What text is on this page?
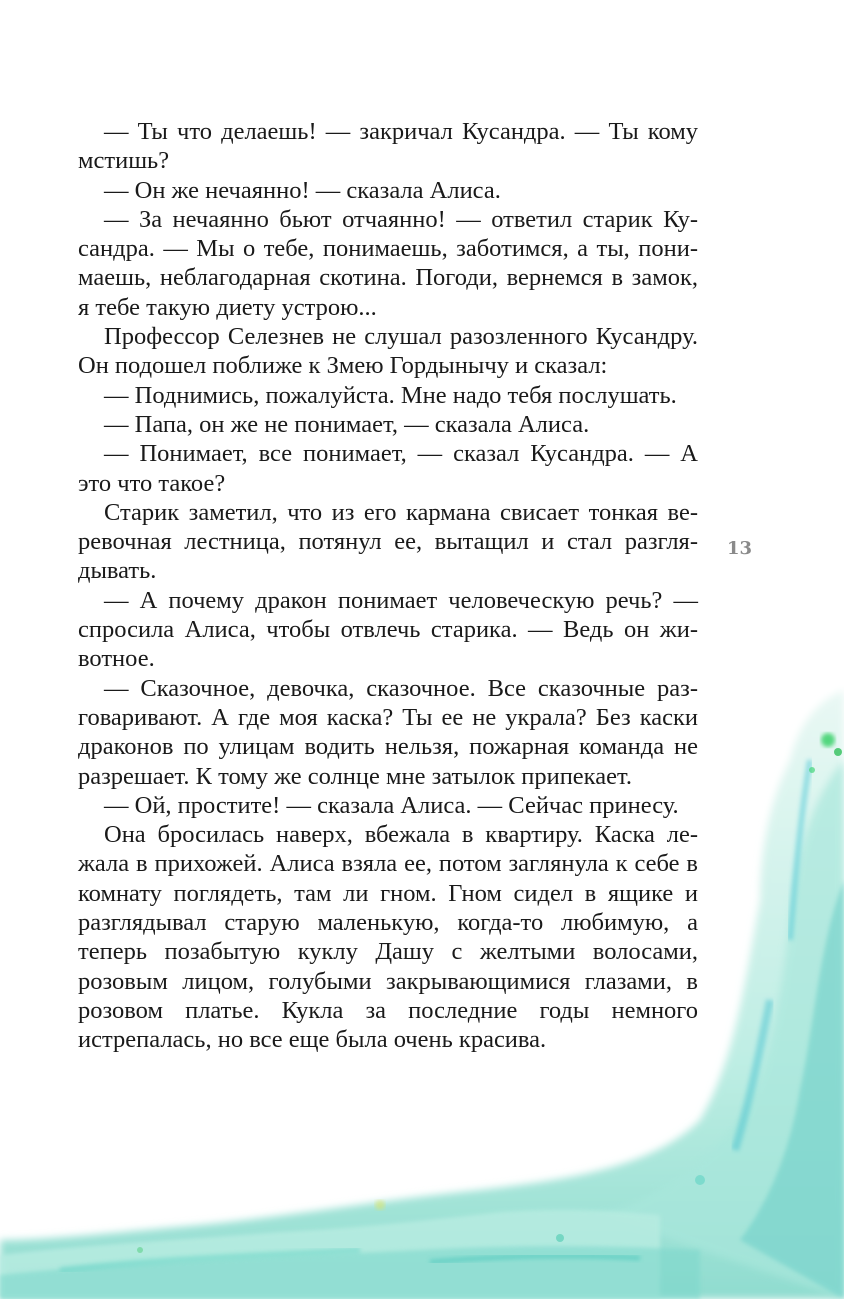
— Ты что делаешь! — закричал Кусандра. — Ты кому мстишь?

— Он же нечаянно! — сказала Алиса.

— За нечаянно бьют отчаянно! — ответил старик Кусандра. — Мы о тебе, понимаешь, заботимся, а ты, понимаешь, неблагодарная скотина. Погоди, вернемся в замок, я тебе такую диету устрою...

Профессор Селезнев не слушал разозленного Кусандру. Он подошел поближе к Змею Гордынычу и сказал:

— Поднимись, пожалуйста. Мне надо тебя послушать.

— Папа, он же не понимает, — сказала Алиса.

— Понимает, все понимает, — сказал Кусандра. — А это что такое?

Старик заметил, что из его кармана свисает тонкая веревочная лестница, потянул ее, вытащил и стал разглядывать.

— А почему дракон понимает человеческую речь? — спросила Алиса, чтобы отвлечь старика. — Ведь он животное.

— Сказочное, девочка, сказочное. Все сказочные разговаривают. А где моя каска? Ты ее не украла? Без каски драконов по улицам водить нельзя, пожарная команда не разрешает. К тому же солнце мне затылок припекает.

— Ой, простите! — сказала Алиса. — Сейчас принесу.

Она бросилась наверх, вбежала в квартиру. Каска лежала в прихожей. Алиса взяла ее, потом заглянула к себе в комнату поглядеть, там ли гном. Гном сидел в ящике и разглядывал старую маленькую, когда-то любимую, а теперь позабытую куклу Дашу с желтыми волосами, розовым лицом, голубыми закрывающимися глазами, в розовом платье. Кукла за последние годы немного истрепалась, но все еще была очень красива.

13
